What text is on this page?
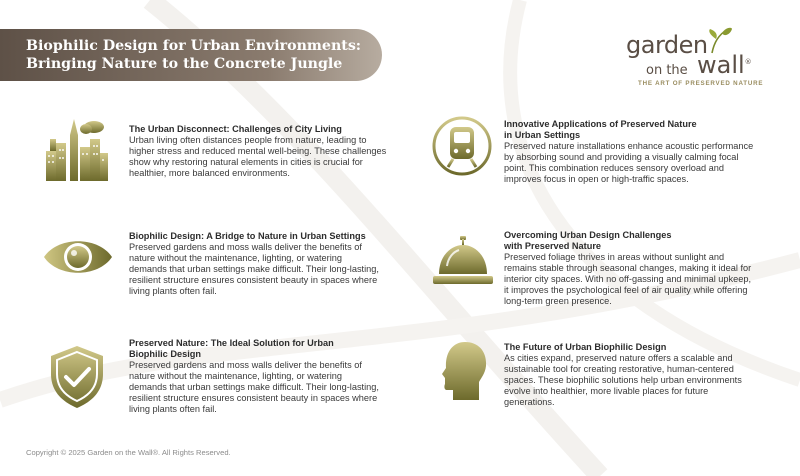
Biophilic Design for Urban Environments:
Bringing Nature to the Concrete Jungle
garden
on the wall®
THE ART OF PRESERVED NATURE
The Urban Disconnect: Challenges of City Living
Urban living often distances people from nature, leading to higher stress and reduced mental well-being. These challenges show why restoring natural elements in cities is crucial for healthier, more balanced environments.
Biophilic Design: A Bridge to Nature in Urban Settings
Preserved gardens and moss walls deliver the benefits of nature without the maintenance, lighting, or watering demands that urban settings make difficult. Their long-lasting, resilient structure ensures consistent beauty in spaces where living plants often fail.
Preserved Nature: The Ideal Solution for Urban
Biophilic Design
Preserved gardens and moss walls deliver the benefits of nature without the maintenance, lighting, or watering demands that urban settings make difficult. Their long-lasting, resilient structure ensures consistent beauty in spaces where living plants often fail.
Innovative Applications of Preserved Nature
in Urban Settings
Preserved nature installations enhance acoustic performance by absorbing sound and providing a visually calming focal point. This combination reduces sensory overload and improves focus in open or high-traffic spaces.
Overcoming Urban Design Challenges
with Preserved Nature
Preserved foliage thrives in areas without sunlight and remains stable through seasonal changes, making it ideal for interior city spaces. With no off-gassing and minimal upkeep, it improves the psychological feel of air quality while offering long-term green presence.
The Future of Urban Biophilic Design
As cities expand, preserved nature offers a scalable and sustainable tool for creating restorative, human-centered spaces. These biophilic solutions help urban environments evolve into healthier, more livable places for future generations.
Copyright © 2025 Garden on the Wall®. All Rights Reserved.
